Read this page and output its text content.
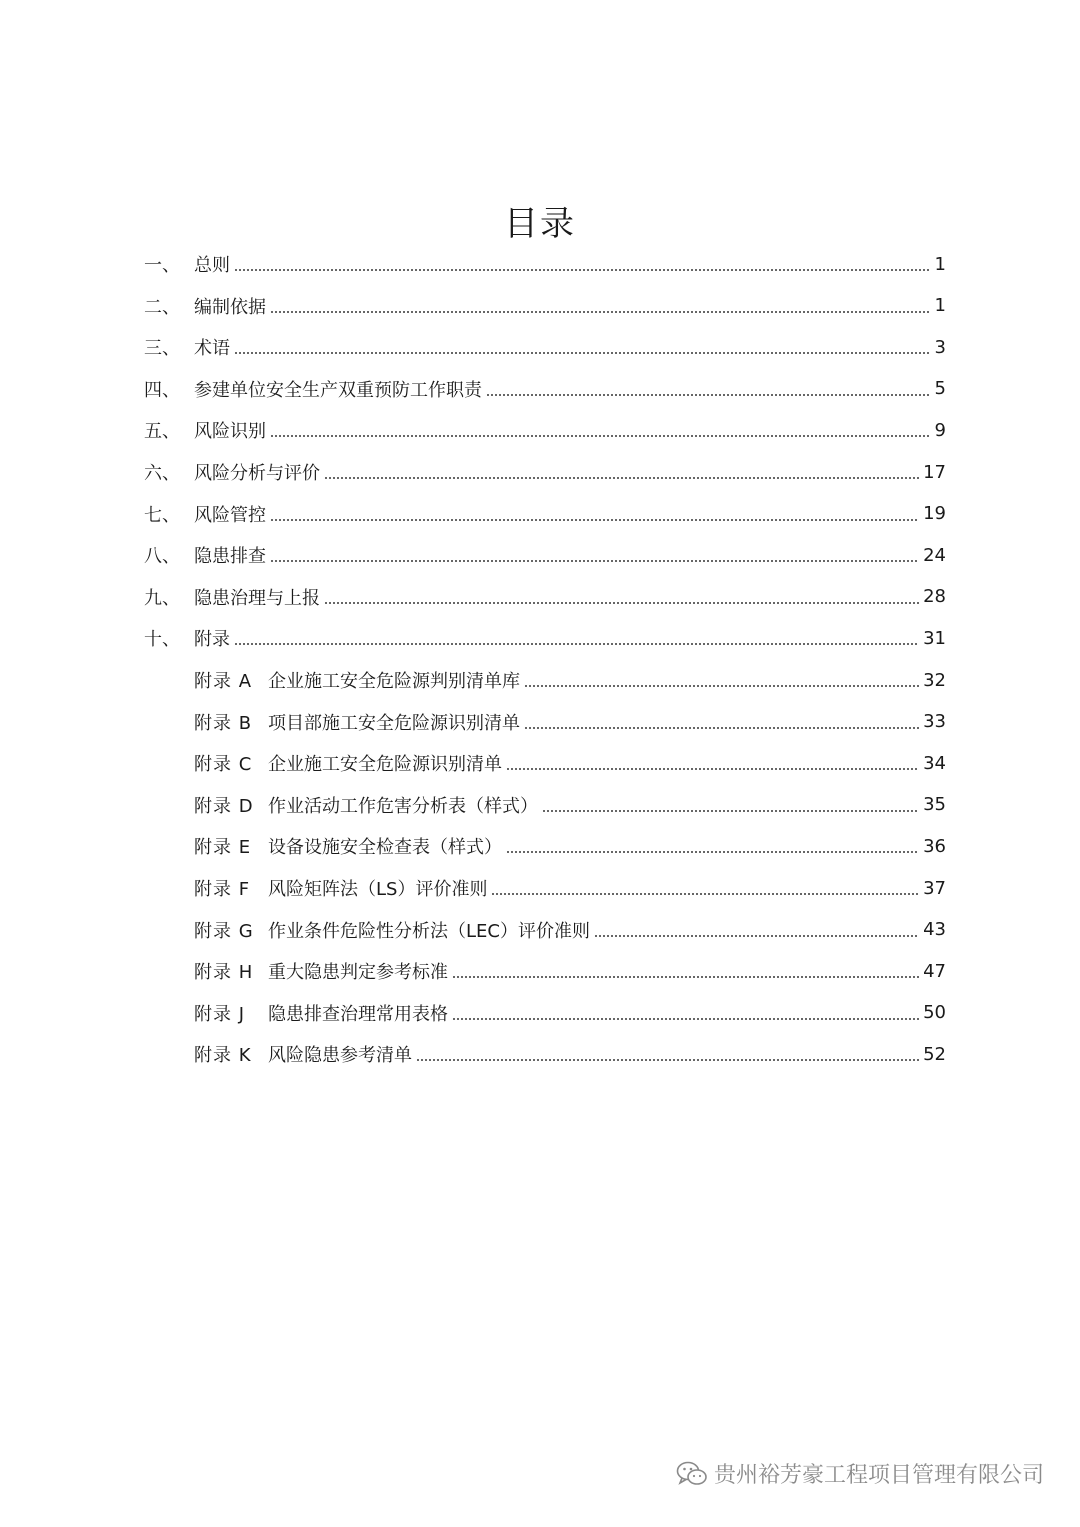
目录
一、 总则	1
二、 编制依据	1
三、 术语	3
四、 参建单位安全生产双重预防工作职责	5
五、 风险识别	9
六、 风险分析与评价	17
七、 风险管控	19
八、 隐患排查	24
九、 隐患治理与上报	28
十、 附录	31
附录 A 企业施工安全危险源判别清单库	32
附录 B 项目部施工安全危险源识别清单	33
附录 C 企业施工安全危险源识别清单	34
附录 D 作业活动工作危害分析表（样式）	35
附录 E 设备设施安全检查表（样式）	36
附录 F 风险矩阵法（LS）评价准则	37
附录 G 作业条件危险性分析法（LEC）评价准则	43
附录 H 重大隐患判定参考标准	47
附录 J	隐患排查治理常用表格	50
附录 K 风险隐患参考清单	52
贵州裕芳豪工程项目管理有限公司
